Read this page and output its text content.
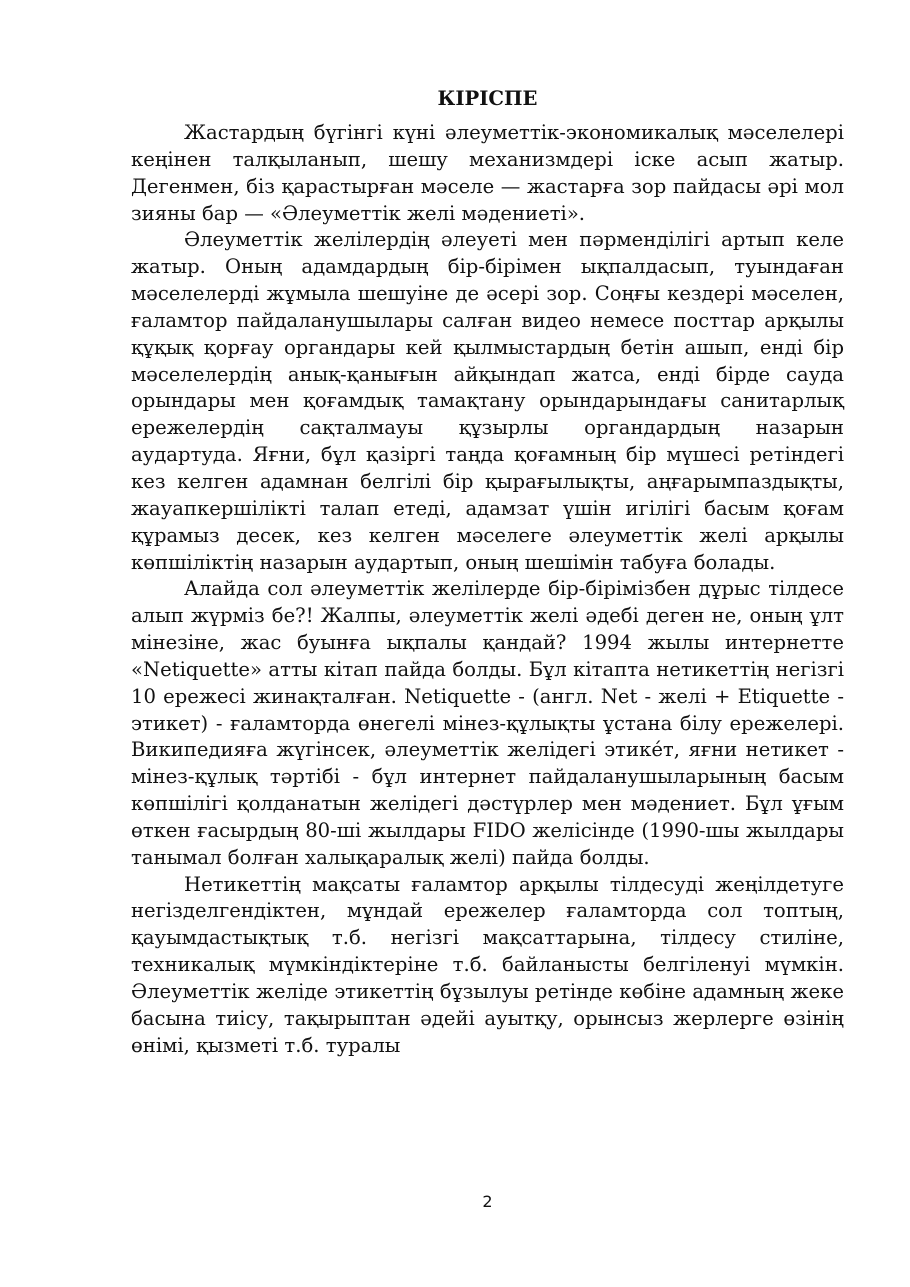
КІРІСПЕ

Жастардың бүгінгі күні әлеуметтік-экономикалық мәселелері кеңінен талқыланып, шешу механизмдері іске асып жатыр. Дегенмен, біз қарастырған мәселе — жастарға зор пайдасы әрі мол зияны бар — «Әлеуметтік желі мәдениеті».

Әлеуметтік желілердің әлеуеті мен пәрменділігі артып келе жатыр. Оның адамдардың бір-бірімен ықпалдасып, туындаған мәселелерді жұмыла шешуіне де әсері зор. Соңғы кездері мәселен, ғаламтор пайдаланушылары салған видео немесе посттар арқылы құқық қорғау органдары кей қылмыстардың бетін ашып, енді бір мәселелердің анық-қанығын айқындап жатса, енді бірде сауда орындары мен қоғамдық тамақтану орындарындағы санитарлық ережелердің сақталмауы құзырлы органдардың назарын аудартуда. Яғни, бұл қазіргі таңда қоғамның бір мүшесі ретіндегі кез келген адамнан белгілі бір қырағылықты, аңғарымпаздықты, жауапкершілікті талап етеді, адамзат үшін игілігі басым қоғам құрамыз десек, кез келген мәселеге әлеуметтік желі арқылы көпшіліктің назарын аудартып, оның шешімін табуға болады.

Алайда сол әлеуметтік желілерде бір-бірімізбен дұрыс тілдесе алып жүрміз бе?! Жалпы, әлеуметтік желі әдебі деген не, оның ұлт мінезіне, жас буынға ықпалы қандай? 1994 жылы интернетте «Netiquette» атты кітап пайда болды. Бұл кітапта нетикеттің негізгі 10 ережесі жинақталған. Netiquette - (англ. Net - желі + Etiquette - этикет) - ғаламторда өнегелі мінез-құлықты ұстана білу ережелері. Википедияға жүгінсек, әлеуметтік желідегі этике́т, яғни нетикет - мінез-құлық тәртібі - бұл интернет пайдаланушыларының басым көпшілігі қолданатын желідегі дәстүрлер мен мәдениет. Бұл ұғым өткен ғасырдың 80-ші жылдары FIDO желісінде (1990-шы жылдары танымал болған халықаралық желі) пайда болды.

Нетикеттің мақсаты ғаламтор арқылы тілдесуді жеңілдетуге негізделгендіктен, мұндай ережелер ғаламторда сол топтың, қауымдастықтық т.б. негізгі мақсаттарына, тілдесу стиліне, техникалық мүмкіндіктеріне т.б. байланысты белгіленуі мүмкін. Әлеуметтік желіде этикеттің бұзылуы ретінде көбіне адамның жеке басына тиісу, тақырыптан әдейі ауытқу, орынсыз жерлерге өзінің өнімі, қызметі т.б. туралы

2
